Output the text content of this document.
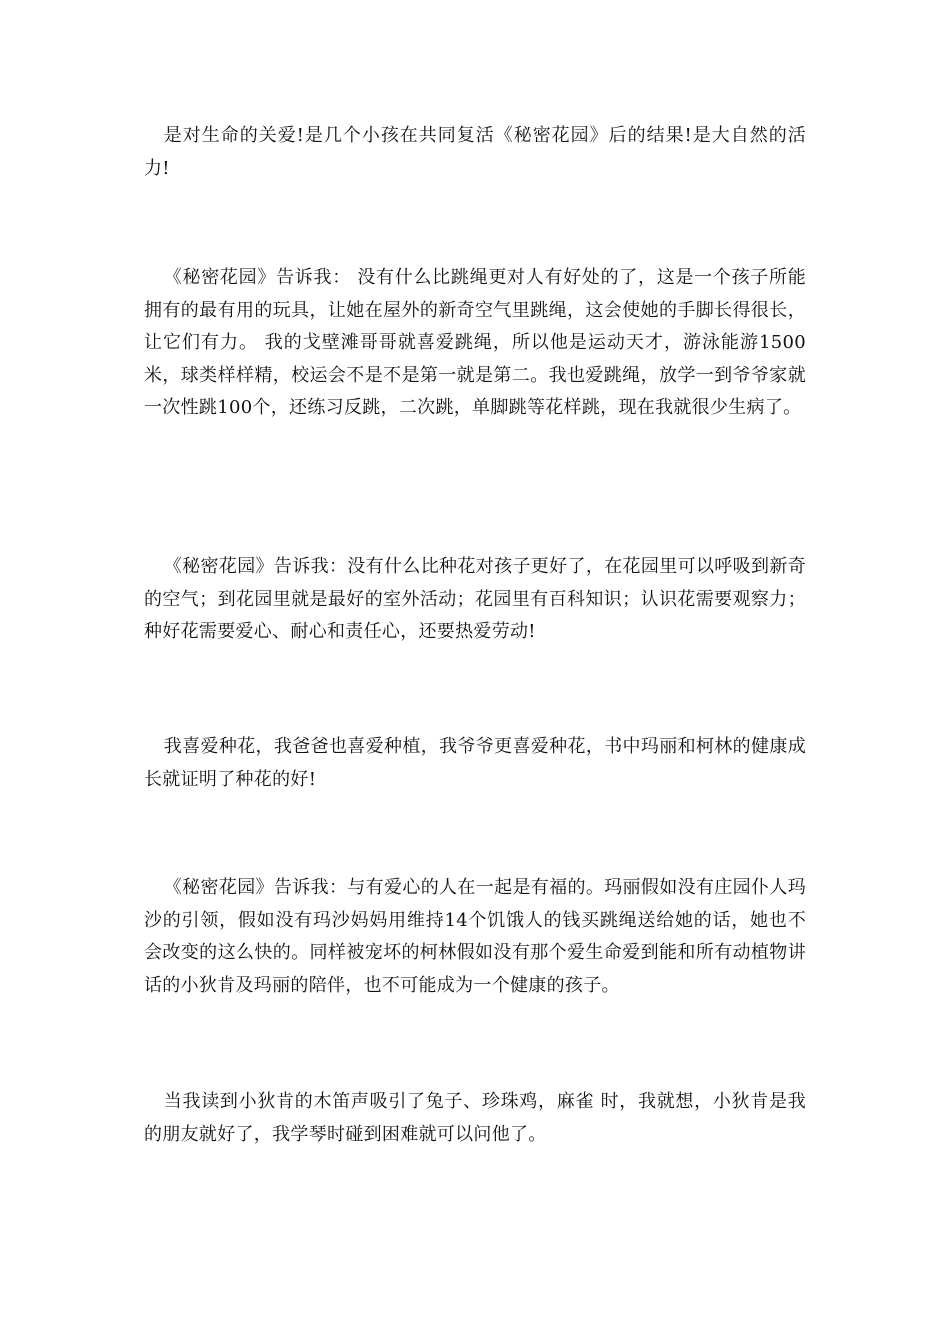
是对生命的关爱!是几个小孩在共同复活《秘密花园》后的结果!是大自然的活力!

《秘密花园》告诉我： 没有什么比跳绳更对人有好处的了，这是一个孩子所能拥有的最有用的玩具，让她在屋外的新奇空气里跳绳，这会使她的手脚长得很长，让它们有力。 我的戈壁滩哥哥就喜爱跳绳，所以他是运动天才，游泳能游1500米，球类样样精，校运会不是不是第一就是第二。我也爱跳绳，放学一到爷爷家就一次性跳100个，还练习反跳，二次跳，单脚跳等花样跳，现在我就很少生病了。

《秘密花园》告诉我：没有什么比种花对孩子更好了，在花园里可以呼吸到新奇的空气；到花园里就是最好的室外活动；花园里有百科知识；认识花需要观察力；种好花需要爱心、耐心和责任心，还要热爱劳动!

我喜爱种花，我爸爸也喜爱种植，我爷爷更喜爱种花，书中玛丽和柯林的健康成长就证明了种花的好!

《秘密花园》告诉我：与有爱心的人在一起是有福的。玛丽假如没有庄园仆人玛沙的引领，假如没有玛沙妈妈用维持14个饥饿人的钱买跳绳送给她的话，她也不会改变的这么快的。同样被宠坏的柯林假如没有那个爱生命爱到能和所有动植物讲话的小狄肯及玛丽的陪伴，也不可能成为一个健康的孩子。

当我读到小狄肯的木笛声吸引了兔子、珍珠鸡，麻雀 时，我就想，小狄肯是我的朋友就好了，我学琴时碰到困难就可以问他了。
